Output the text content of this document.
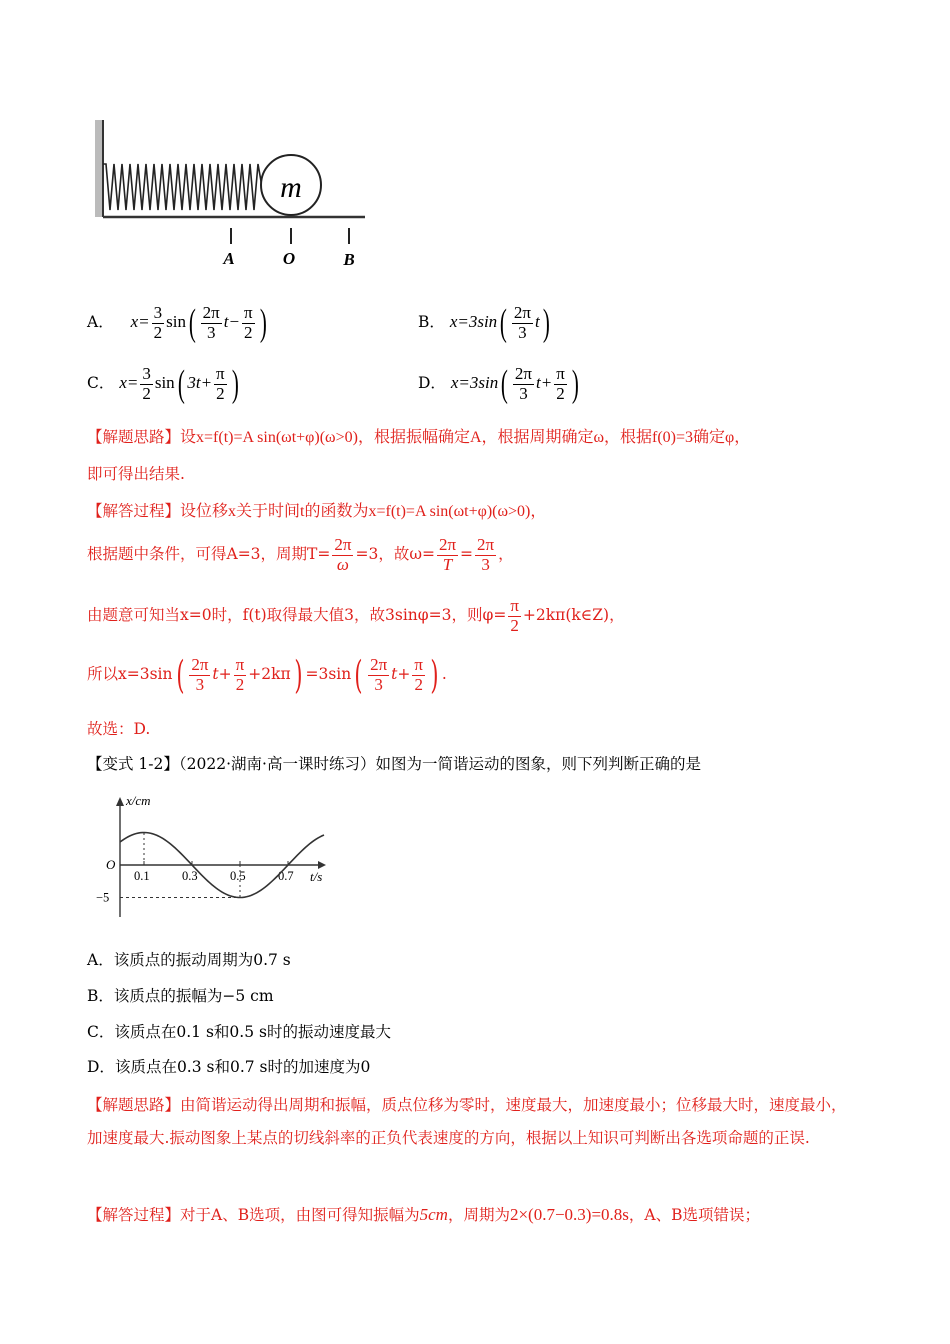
m
A	O	B
A． $x= \frac{3}{2} \sin( \frac{2\pi}{3} t- \frac{\pi}{2}$ )	B． $x=3\sin( \frac{2\pi}{3} t)$
C． $x= \frac{3}{2} \sin$( $3t+ \frac{\pi}{2}$ )	D． $x=3\sin( \frac{2\pi}{3} t+ \frac{\pi}{2}$ )
【解题思路】设x=f(t)=A sin(ωt+φ)(ω>0)，根据振幅确定A，根据周期确定ω，根据f(0)=3确定φ，
即可得出结果.
【解答过程】设位移x关于时间t的函数为x=f(t)=A sin(ωt+φ)(ω>0)，
根据题中条件，可得A=3，周期$T= \frac{2\pi}{\omega} =3$，故$\omega= \frac{2\pi}{T} = \frac{2\pi}{3}$ ，
由题意可知当x=0时，f(t)取得最大值3，故3sinφ=3，则$\varphi= \frac{\pi}{2}$ +2kπ(k∈Z)，
所以$x=3\sin( \frac{2\pi}{3} t+ \frac{\pi}{2} +2k\pi) =3\sin( \frac{2\pi}{3} t+ \frac{\pi}{2}$ ) .
故选：D.
【变式 1-2】（2022·湖南·高一课时练习）如图为一简谐运动的图象，则下列判断正确的是
x/cm
t/s
O
0.1	0.3	0.5	0.7
−5
A．该质点的振动周期为0.7 s
B．该质点的振幅为−5 cm
C．该质点在0.1 s和0.5 s时的振动速度最大
D．该质点在0.3 s和0.7 s时的加速度为0
【解题思路】由简谐运动得出周期和振幅，质点位移为零时，速度最大，加速度最小；位移最大时，速度最小，加速度最大.振动图象上某点的切线斜率的正负代表速度的方向，根据以上知识可判断出各选项命题的正误.
【解答过程】对于A、B选项，由图可得知振幅为5cm，周期为2×(0.7−0.3)=0.8s，A、B选项错误；
